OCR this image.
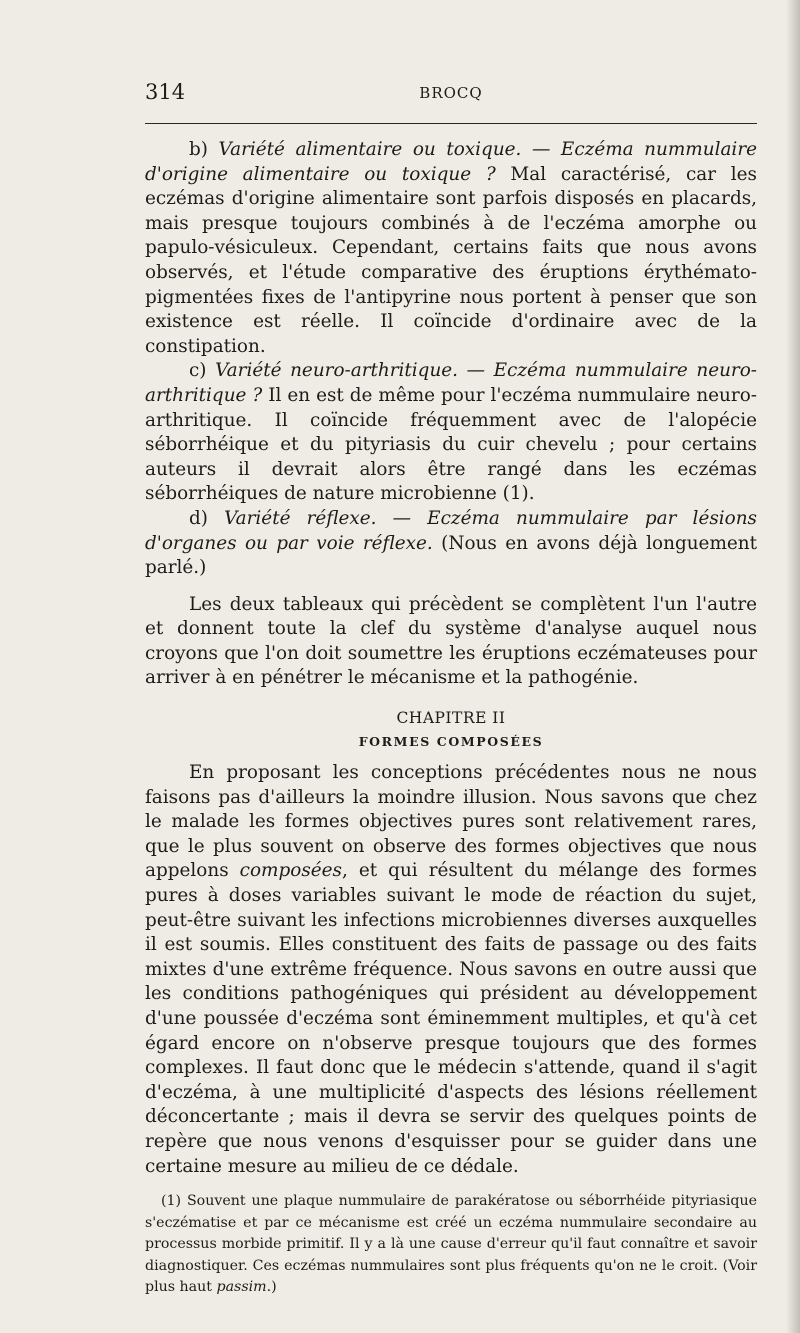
314	BROCQ

b) Variété alimentaire ou toxique. — Eczéma nummulaire d'origine alimentaire ou toxique ? Mal caractérisé, car les eczémas d'origine alimentaire sont parfois disposés en placards, mais presque toujours combinés à de l'eczéma amorphe ou papulo-vésiculeux. Cependant, certains faits que nous avons observés, et l'étude comparative des éruptions érythémato-pigmentées fixes de l'antipyrine nous portent à penser que son existence est réelle. Il coïncide d'ordinaire avec de la constipation.

c) Variété neuro-arthritique. — Eczéma nummulaire neuro-arthritique ? Il en est de même pour l'eczéma nummulaire neuro-arthritique. Il coïncide fréquemment avec de l'alopécie séborrhéique et du pityriasis du cuir chevelu ; pour certains auteurs il devrait alors être rangé dans les eczémas séborrhéiques de nature microbienne (1).

d) Variété réflexe. — Eczéma nummulaire par lésions d'organes ou par voie réflexe. (Nous en avons déjà longuement parlé.)

Les deux tableaux qui précèdent se complètent l'un l'autre et donnent toute la clef du système d'analyse auquel nous croyons que l'on doit soumettre les éruptions eczémateuses pour arriver à en pénétrer le mécanisme et la pathogénie.

CHAPITRE II

FORMES COMPOSÉES

En proposant les conceptions précédentes nous ne nous faisons pas d'ailleurs la moindre illusion. Nous savons que chez le malade les formes objectives pures sont relativement rares, que le plus souvent on observe des formes objectives que nous appelons composées, et qui résultent du mélange des formes pures à doses variables suivant le mode de réaction du sujet, peut-être suivant les infections microbiennes diverses auxquelles il est soumis. Elles constituent des faits de passage ou des faits mixtes d'une extrême fréquence. Nous savons en outre aussi que les conditions pathogéniques qui président au développement d'une poussée d'eczéma sont éminemment multiples, et qu'à cet égard encore on n'observe presque toujours que des formes complexes. Il faut donc que le médecin s'attende, quand il s'agit d'eczéma, à une multiplicité d'aspects des lésions réellement déconcertante ; mais il devra se servir des quelques points de repère que nous venons d'esquisser pour se guider dans une certaine mesure au milieu de ce dédale.

(1) Souvent une plaque nummulaire de parakératose ou séborrhéide pityriasique s'eczématise et par ce mécanisme est créé un eczéma nummulaire secondaire au processus morbide primitif. Il y a là une cause d'erreur qu'il faut connaître et savoir diagnostiquer. Ces eczémas nummulaires sont plus fréquents qu'on ne le croit. (Voir plus haut passim.)
